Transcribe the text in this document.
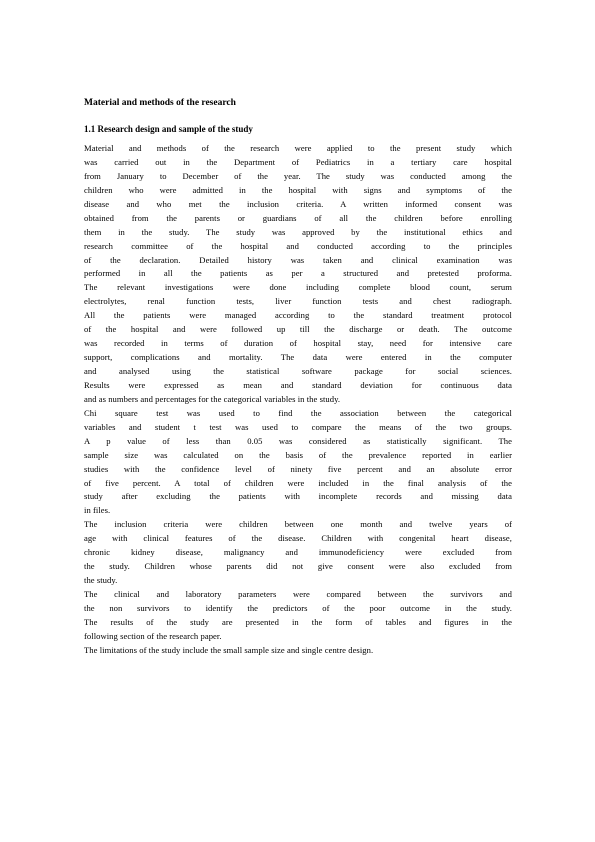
Material and methods of the research
1.1 Research design and sample of the study
Material and methods of the research were applied to the present study which
was carried out in the Department of Pediatrics in a tertiary care hospital
from January to December of the year. The study was conducted among the
children who were admitted in the hospital with signs and symptoms of the
disease and who met the inclusion criteria. A written informed consent was
obtained from the parents or guardians of all the children before enrolling
them in the study. The study was approved by the institutional ethics and
research committee of the hospital and conducted according to the principles
of the declaration. Detailed history was taken and clinical examination was
performed in all the patients as per a structured and pretested proforma.
The relevant investigations were done including complete blood count, serum
electrolytes, renal function tests, liver function tests and chest radiograph.
All the patients were managed according to the standard treatment protocol
of the hospital and were followed up till the discharge or death. The outcome
was recorded in terms of duration of hospital stay, need for intensive care
support, complications and mortality. The data were entered in the computer
and analysed using the statistical software package for social sciences.
Results were expressed as mean and standard deviation for continuous data
and as numbers and percentages for the categorical variables in the study.
Chi square test was used to find the association between the categorical
variables and student t test was used to compare the means of the two groups.
A p value of less than 0.05 was considered as statistically significant. The
sample size was calculated on the basis of the prevalence reported in earlier
studies with the confidence level of ninety five percent and an absolute error
of five percent. A total of children were included in the final analysis of the
study after excluding the patients with incomplete records and missing data
in files.
The inclusion criteria were children between one month and twelve years of
age with clinical features of the disease. Children with congenital heart disease,
chronic kidney disease, malignancy and immunodeficiency were excluded from
the study. Children whose parents did not give consent were also excluded from
the study.
The clinical and laboratory parameters were compared between the survivors and
the non survivors to identify the predictors of the poor outcome in the study.
The results of the study are presented in the form of tables and figures in the
following section of the research paper.
The limitations of the study include the small sample size and single centre design.
